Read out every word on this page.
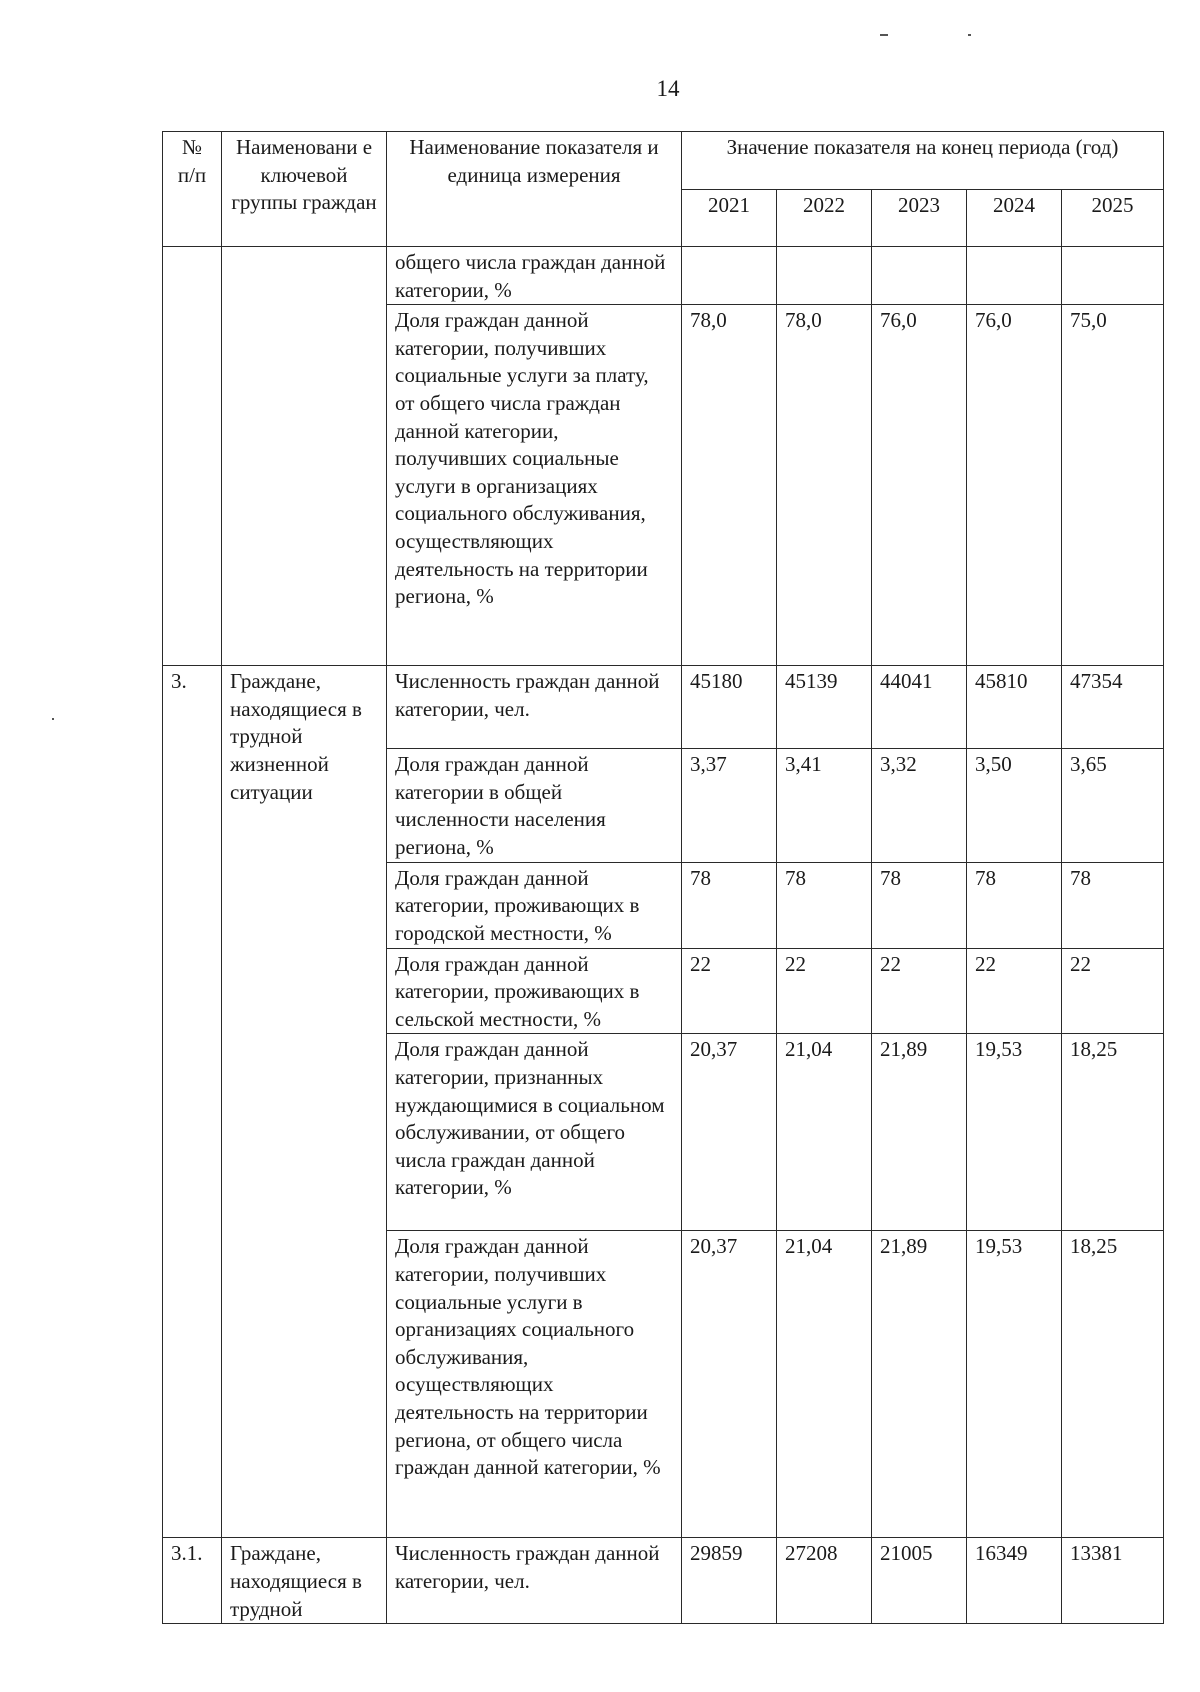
14
№ п/п	Наименовани е ключевой группы граждан	Наименование показателя и единица измерения	Значение показателя на конец периода (год)				
			2021	2022	2023	2024	2025
		общего числа граждан данной категории, %					
		Доля граждан данной категории, получивших социальные услуги за плату, от общего числа граждан данной категории, получивших социальные услуги в организациях социального обслуживания, осуществляющих деятельность на территории региона, %	78,0	78,0	76,0	76,0	75,0
3.	Граждане, находящиеся в трудной жизненной ситуации	Численность граждан данной категории, чел.	45180	45139	44041	45810	47354
		Доля граждан данной категории в общей численности населения региона, %	3,37	3,41	3,32	3,50	3,65
		Доля граждан данной категории, проживающих в городской местности, %	78	78	78	78	78
		Доля граждан данной категории, проживающих в сельской местности, %	22	22	22	22	22
		Доля граждан данной категории, признанных нуждающимися в социальном обслуживании, от общего числа граждан данной категории, %	20,37	21,04	21,89	19,53	18,25
		Доля граждан данной категории, получивших социальные услуги в организациях социального обслуживания, осуществляющих деятельность на территории региона, от общего числа граждан данной категории, %	20,37	21,04	21,89	19,53	18,25
3.1.	Граждане, находящиеся в трудной	Численность граждан данной категории, чел.	29859	27208	21005	16349	13381
